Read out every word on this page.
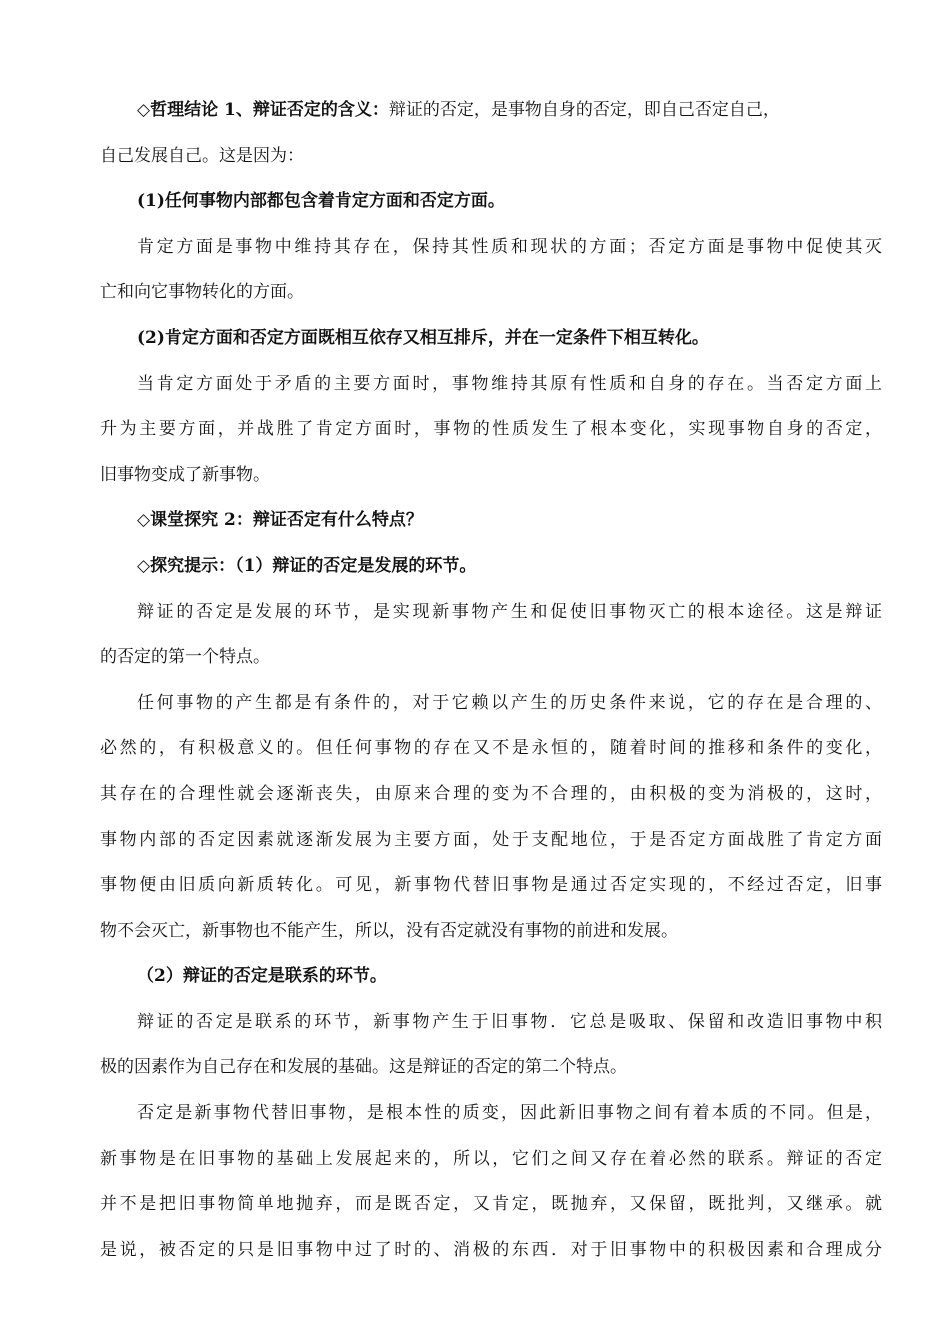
◇哲理结论 1、辩证否定的含义：辩证的否定，是事物自身的否定，即自己否定自己，
自己发展自己。这是因为：
(1)任何事物内部都包含着肯定方面和否定方面。
肯定方面是事物中维持其存在，保持其性质和现状的方面；否定方面是事物中促使其灭
亡和向它事物转化的方面。
(2)肯定方面和否定方面既相互依存又相互排斥，并在一定条件下相互转化。
当肯定方面处于矛盾的主要方面时，事物维持其原有性质和自身的存在。当否定方面上
升为主要方面，并战胜了肯定方面时，事物的性质发生了根本变化，实现事物自身的否定，
旧事物变成了新事物。
◇课堂探究 2：辩证否定有什么特点？
◇探究提示：（1）辩证的否定是发展的环节。
辩证的否定是发展的环节，是实现新事物产生和促使旧事物灭亡的根本途径。这是辩证
的否定的第一个特点。
任何事物的产生都是有条件的，对于它赖以产生的历史条件来说，它的存在是合理的、
必然的，有积极意义的。但任何事物的存在又不是永恒的，随着时间的推移和条件的变化，
其存在的合理性就会逐渐丧失，由原来合理的变为不合理的，由积极的变为消极的，这时，
事物内部的否定因素就逐渐发展为主要方面，处于支配地位，于是否定方面战胜了肯定方面
事物便由旧质向新质转化。可见，新事物代替旧事物是通过否定实现的，不经过否定，旧事
物不会灭亡，新事物也不能产生，所以，没有否定就没有事物的前进和发展。
（2）辩证的否定是联系的环节。
辩证的否定是联系的环节，新事物产生于旧事物．它总是吸取、保留和改造旧事物中积
极的因素作为自己存在和发展的基础。这是辩证的否定的第二个特点。
否定是新事物代替旧事物，是根本性的质变，因此新旧事物之间有着本质的不同。但是，
新事物是在旧事物的基础上发展起来的，所以，它们之间又存在着必然的联系。辩证的否定
并不是把旧事物简单地抛弃，而是既否定，又肯定，既抛弃，又保留，既批判，又继承。就
是说，被否定的只是旧事物中过了时的、消极的东西．对于旧事物中的积极因素和合理成分
